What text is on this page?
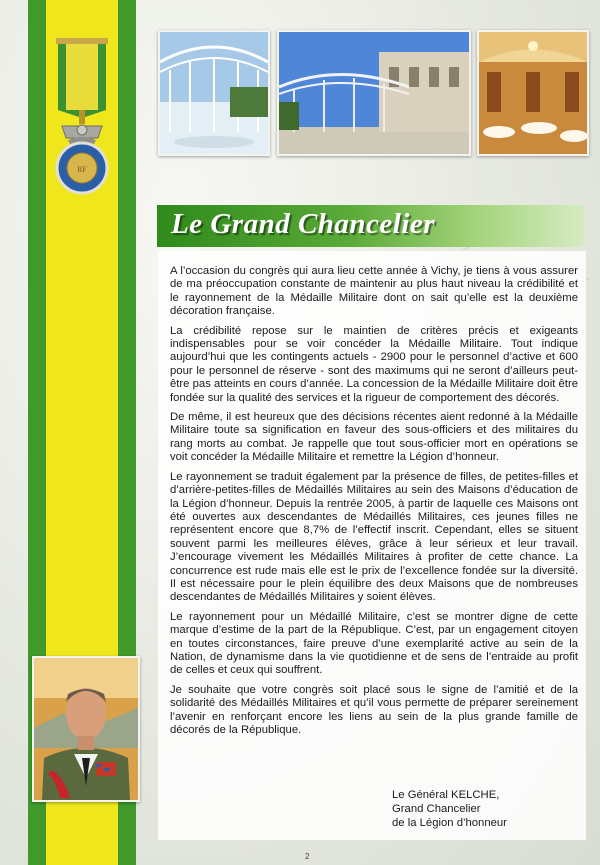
RF
Le Grand Chancelier

A l’occasion du congrès qui aura lieu cette année à Vichy, je tiens à vous assurer de ma préoccupation constante de maintenir au plus haut niveau la crédibilité et le rayonnement de la Médaille Militaire dont on sait qu’elle est la deuxième décoration française.

La crédibilité repose sur le maintien de critères précis et exigeants indispensables pour se voir concéder la Médaille Militaire. Tout indique aujourd’hui que les contingents actuels - 2900 pour le personnel d’active et 600 pour le personnel de réserve - sont des maximums qui ne seront d’ailleurs peut-être pas atteints en cours d’année. La concession de la Médaille Militaire doit être fondée sur la qualité des services et la rigueur de comportement des décorés.

De même, il est heureux que des décisions récentes aient redonné à la Médaille Militaire toute sa signification en faveur des sous-officiers et des militaires du rang morts au combat. Je rappelle que tout sous-officier mort en opérations se voit concéder la Médaille Militaire et remettre la Légion d’honneur.

Le rayonnement se traduit également par la présence de filles, de petites-filles et d’arrière-petites-filles de Médaillés Militaires au sein des Maisons d’éducation de la Légion d’honneur. Depuis la rentrée 2005, à partir de laquelle ces Maisons ont été ouvertes aux descendantes de Médaillés Militaires, ces jeunes filles ne représentent encore que 8,7% de l’effectif inscrit. Cependant, elles se situent souvent parmi les meilleures élèves, grâce à leur sérieux et leur travail. J’encourage vivement les Médaillés Militaires à profiter de cette chance. La concurrence est rude mais elle est le prix de l’excellence fondée sur la diversité. Il est nécessaire pour le plein équilibre des deux Maisons que de nombreuses descendantes de Médaillés Militaires y soient élèves.

Le rayonnement pour un Médaillé Militaire, c’est se montrer digne de cette marque d’estime de la part de la République. C’est, par un engagement citoyen en toutes circonstances, faire preuve d’une exemplarité active au sein de la Nation, de dynamisme dans la vie quotidienne et de sens de l’entraide au profit de celles et ceux qui souffrent.

Je souhaite que votre congrès soit placé sous le signe de l’amitié et de la solidarité des Médaillés Militaires et qu’il vous permette de préparer sereinement l’avenir en renforçant encore les liens au sein de la plus grande famille de décorés de la République.

Le Général KELCHE,
Grand Chancelier
de la Légion d’honneur
2
